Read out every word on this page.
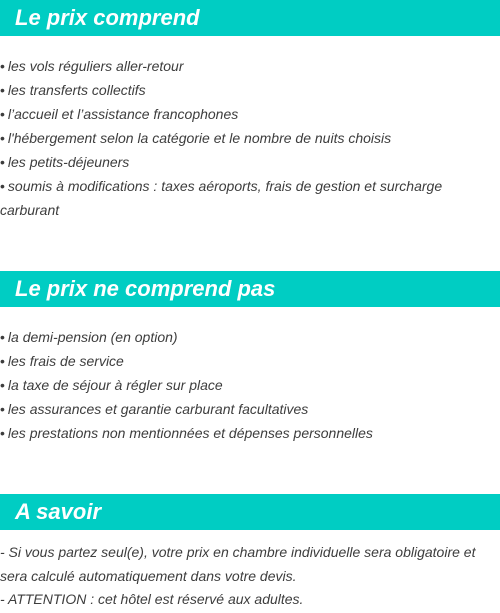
Le prix comprend
• les vols réguliers aller-retour
• les transferts collectifs
• l’accueil et l’assistance francophones
• l'hébergement selon la catégorie et le nombre de nuits choisis
• les petits-déjeuners
• soumis à modifications : taxes aéroports, frais de gestion et surcharge carburant
Le prix ne comprend pas
• la demi-pension (en option)
• les frais de service
• la taxe de séjour à régler sur place
• les assurances et garantie carburant facultatives
• les prestations non mentionnées et dépenses personnelles
A savoir
- Si vous partez seul(e), votre prix en chambre individuelle sera obligatoire et sera calculé automatiquement dans votre devis.
- ATTENTION : cet hôtel est réservé aux adultes.
